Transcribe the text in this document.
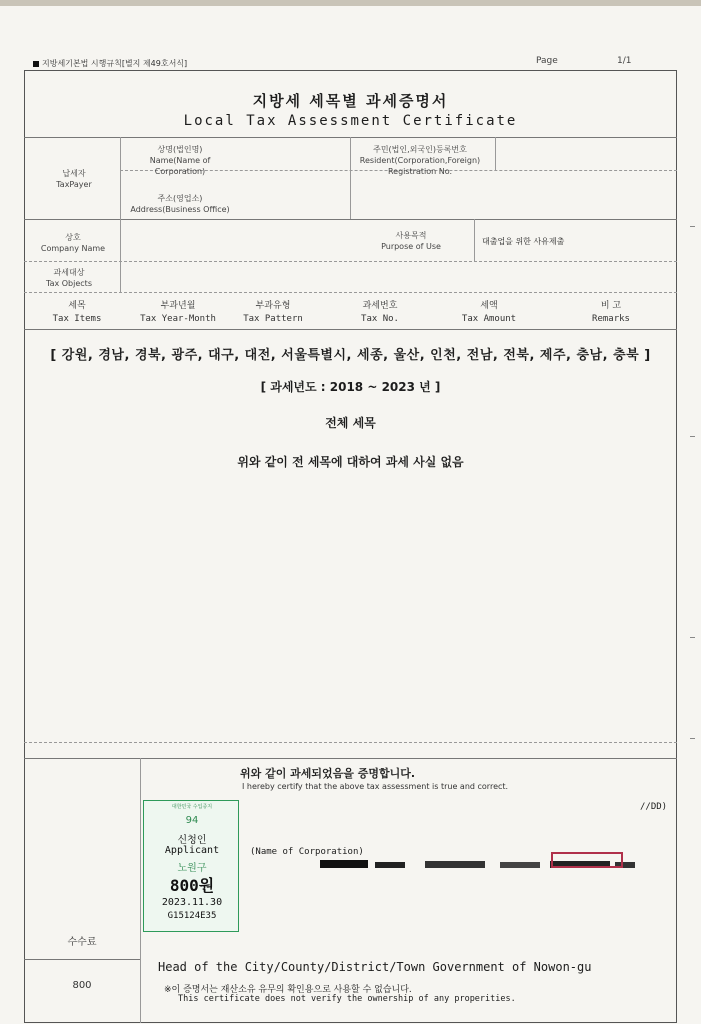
지방세기본법 시행규칙[별지 제49호서식]	Page	1/1
지방세 세목별 과세증명서
Local Tax Assessment Certificate
납세자
TaxPayer
상명(법인명)
Name(Name of
Corporation)
주민(법인,외국인)등록번호
Resident(Corporation,Foreign)
Registration No.
주소(영업소)
Address(Business Office)
상호
Company Name
사용목적
Purpose of Use
대출업을 위한 사유제출
과세대상
Tax Objects
세목
Tax Items
부과년월
Tax Year-Month
부과유형
Tax Pattern
과세번호
Tax No.
세액
Tax Amount
비 고
Remarks
[ 강원, 경남, 경북, 광주, 대구, 대전, 서울특별시, 세종, 울산, 인천, 전남, 전북, 제주, 충남, 충북 ]
[ 과세년도 : 2018 ~ 2023 년 ]
전체 세목
위와 같이 전 세목에 대하여 과세 사실 없음
위와 같이 과세되었음을 증명합니다.
I hereby certify that the above tax assessment is true and correct.
//DD)
(Name of Corporation)
대한민국 수입증지
94
신청인
Applicant
노원구
800원
2023.11.30
G15124E35
수수료
800
Head of the City/County/District/Town Government of Nowon-gu
※이 증명서는 재산소유 유무의 확인용으로 사용할 수 없습니다.
This certificate does not verify the ownership of any properities.
